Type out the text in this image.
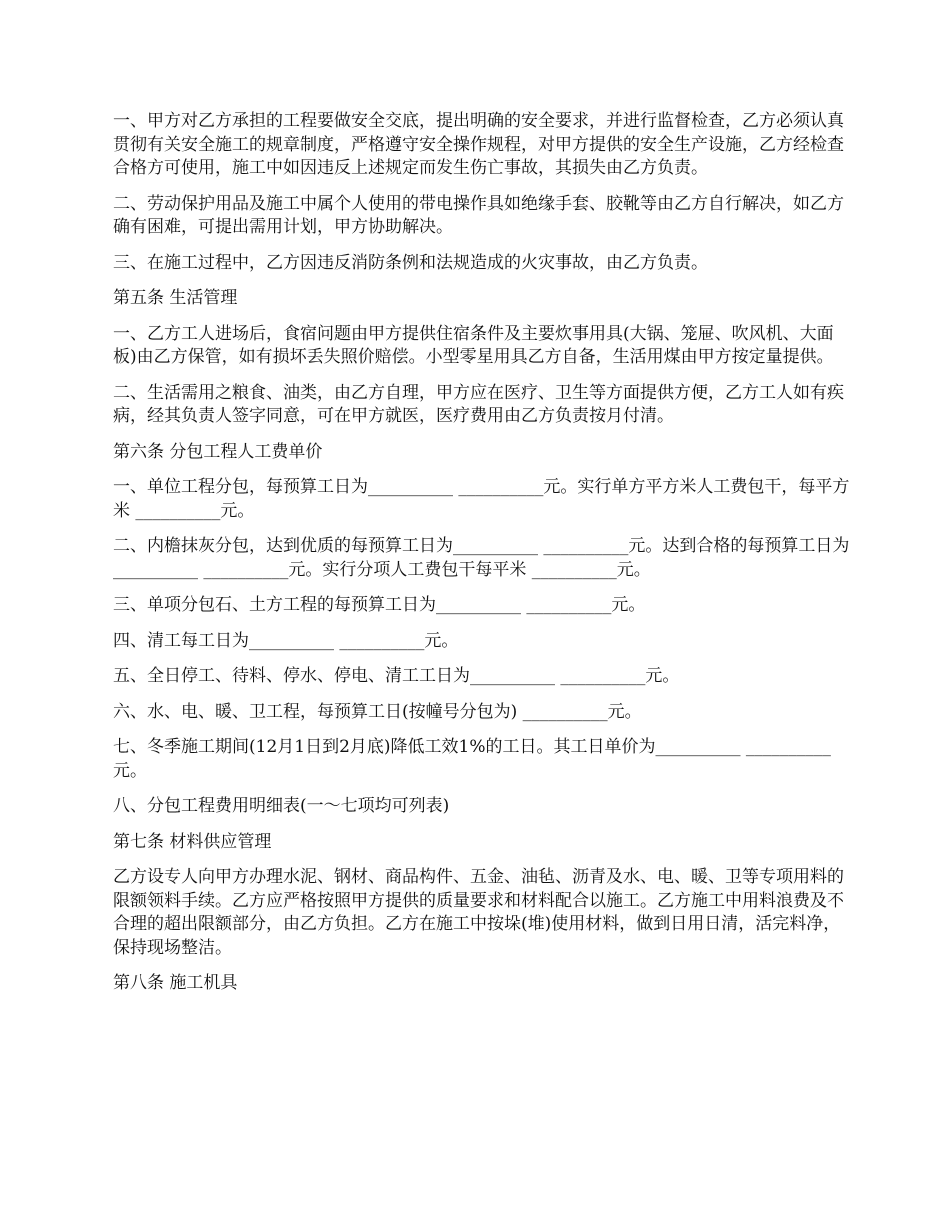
一、甲方对乙方承担的工程要做安全交底，提出明确的安全要求，并进行监督检查，乙方必须认真贯彻有关安全施工的规章制度，严格遵守安全操作规程，对甲方提供的安全生产设施，乙方经检查合格方可使用，施工中如因违反上述规定而发生伤亡事故，其损失由乙方负责。

二、劳动保护用品及施工中属个人使用的带电操作具如绝缘手套、胶靴等由乙方自行解决，如乙方确有困难，可提出需用计划，甲方协助解决。

三、在施工过程中，乙方因违反消防条例和法规造成的火灾事故，由乙方负责。

第五条 生活管理

一、乙方工人进场后，食宿问题由甲方提供住宿条件及主要炊事用具(大锅、笼屉、吹风机、大面板)由乙方保管，如有损坏丢失照价赔偿。小型零星用具乙方自备，生活用煤由甲方按定量提供。

二、生活需用之粮食、油类，由乙方自理，甲方应在医疗、卫生等方面提供方便，乙方工人如有疾病，经其负责人签字同意，可在甲方就医，医疗费用由乙方负责按月付清。

第六条 分包工程人工费单价

一、单位工程分包，每预算工日为__________ __________元。实行单方平方米人工费包干，每平方米 __________元。

二、内檐抹灰分包，达到优质的每预算工日为__________ __________元。达到合格的每预算工日为__________ __________元。实行分项人工费包干每平米 __________元。

三、单项分包石、土方工程的每预算工日为__________ __________元。

四、清工每工日为__________ __________元。

五、全日停工、待料、停水、停电、清工工日为__________ __________元。

六、水、电、暖、卫工程，每预算工日(按幢号分包为) __________元。

七、冬季施工期间(12月1日到2月底)降低工效1%的工日。其工日单价为__________ __________元。

八、分包工程费用明细表(一～七项均可列表)

第七条 材料供应管理

乙方设专人向甲方办理水泥、钢材、商品构件、五金、油毡、沥青及水、电、暖、卫等专项用料的限额领料手续。乙方应严格按照甲方提供的质量要求和材料配合以施工。乙方施工中用料浪费及不合理的超出限额部分，由乙方负担。乙方在施工中按垛(堆)使用材料，做到日用日清，活完料净，保持现场整洁。

第八条 施工机具
